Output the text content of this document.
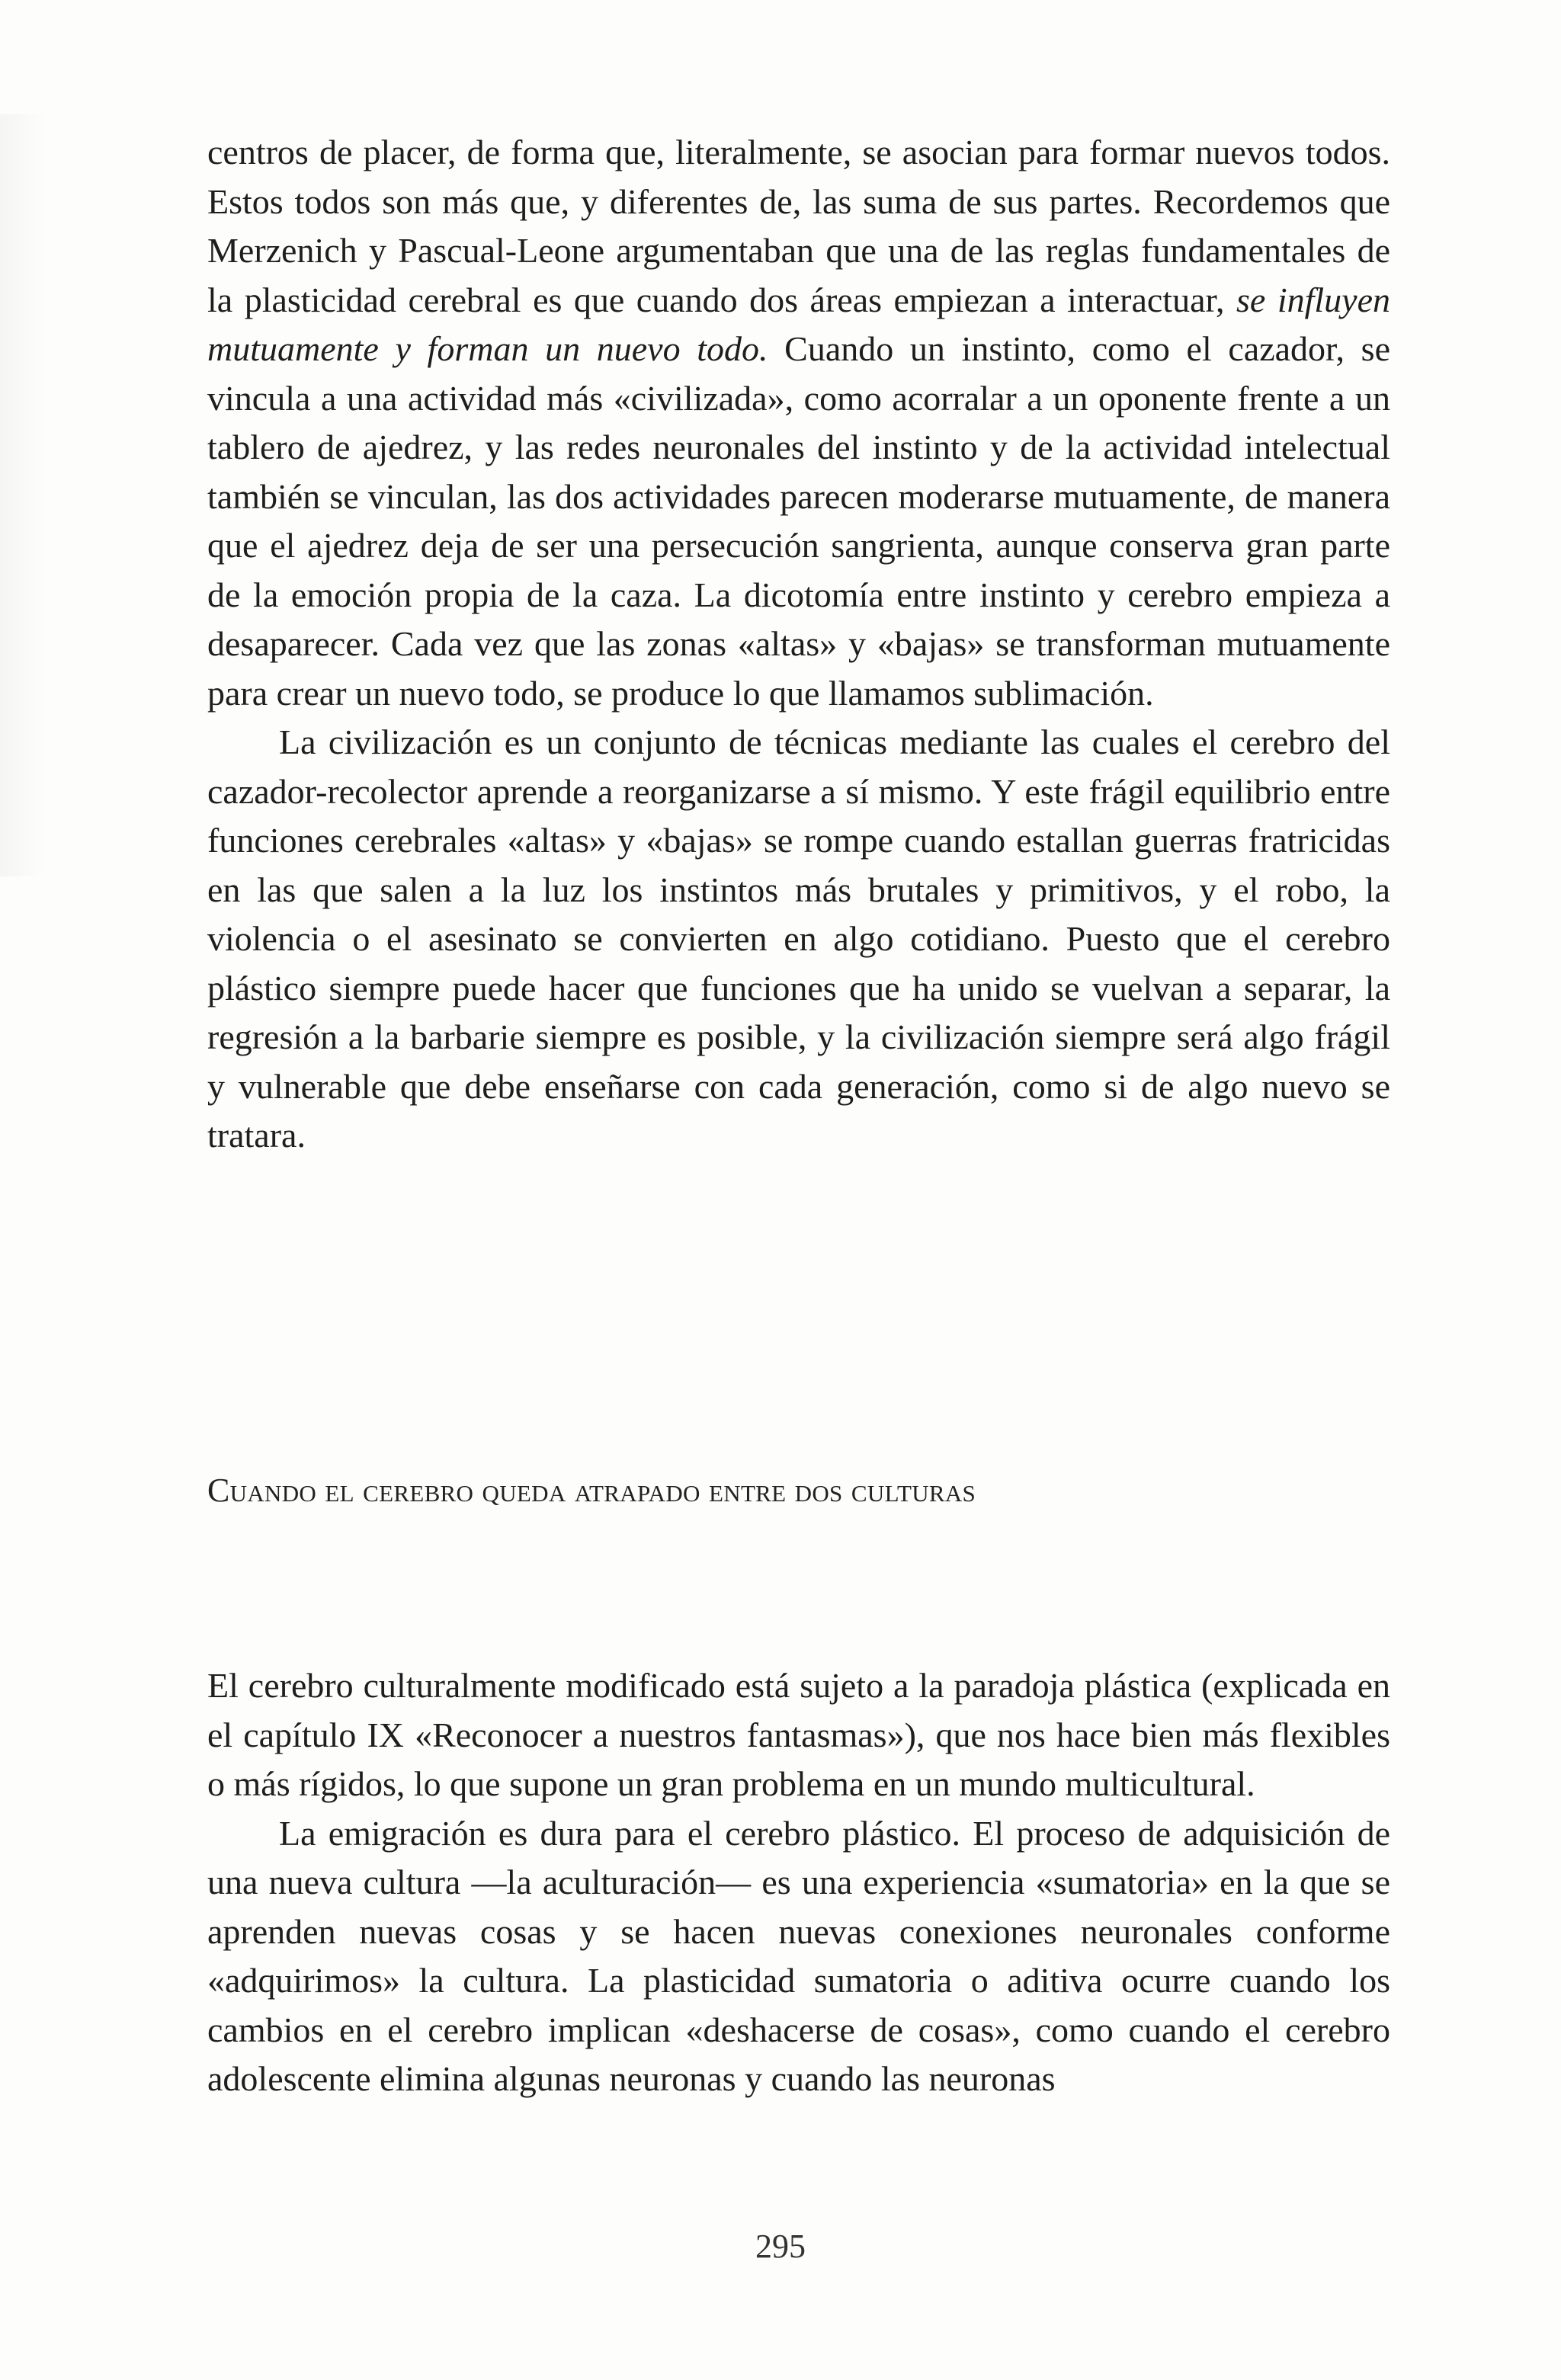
centros de placer, de forma que, literalmente, se asocian para formar nuevos todos. Estos todos son más que, y diferentes de, las suma de sus partes. Recordemos que Merzenich y Pascual-Leone argumentaban que una de las reglas fundamentales de la plasticidad cerebral es que cuando dos áreas empiezan a interactuar, se influyen mutuamente y forman un nuevo todo. Cuando un instinto, como el cazador, se vincula a una actividad más «civilizada», como acorralar a un oponente frente a un tablero de ajedrez, y las redes neuronales del instinto y de la actividad intelectual también se vinculan, las dos actividades parecen moderarse mutuamente, de manera que el ajedrez deja de ser una persecución sangrienta, aunque conserva gran parte de la emoción propia de la caza. La dicotomía entre instinto y cerebro empieza a desaparecer. Cada vez que las zonas «altas» y «bajas» se transforman mutuamente para crear un nuevo todo, se produce lo que llamamos sublimación.

La civilización es un conjunto de técnicas mediante las cuales el cerebro del cazador-recolector aprende a reorganizarse a sí mismo. Y este frágil equilibrio entre funciones cerebrales «altas» y «bajas» se rompe cuando estallan guerras fratricidas en las que salen a la luz los instintos más brutales y primitivos, y el robo, la violencia o el asesinato se convierten en algo cotidiano. Puesto que el cerebro plástico siempre puede hacer que funciones que ha unido se vuelvan a separar, la regresión a la barbarie siempre es posible, y la civilización siempre será algo frágil y vulnerable que debe enseñarse con cada generación, como si de algo nuevo se tratara.

Cuando el cerebro queda atrapado entre dos culturas

El cerebro culturalmente modificado está sujeto a la paradoja plástica (explicada en el capítulo IX «Reconocer a nuestros fantasmas»), que nos hace bien más flexibles o más rígidos, lo que supone un gran problema en un mundo multicultural.

La emigración es dura para el cerebro plástico. El proceso de adquisición de una nueva cultura —la aculturación— es una experiencia «sumatoria» en la que se aprenden nuevas cosas y se hacen nuevas conexiones neuronales conforme «adquirimos» la cultura. La plasticidad sumatoria o aditiva ocurre cuando los cambios en el cerebro implican «deshacerse de cosas», como cuando el cerebro adolescente elimina algunas neuronas y cuando las neuronas

295
